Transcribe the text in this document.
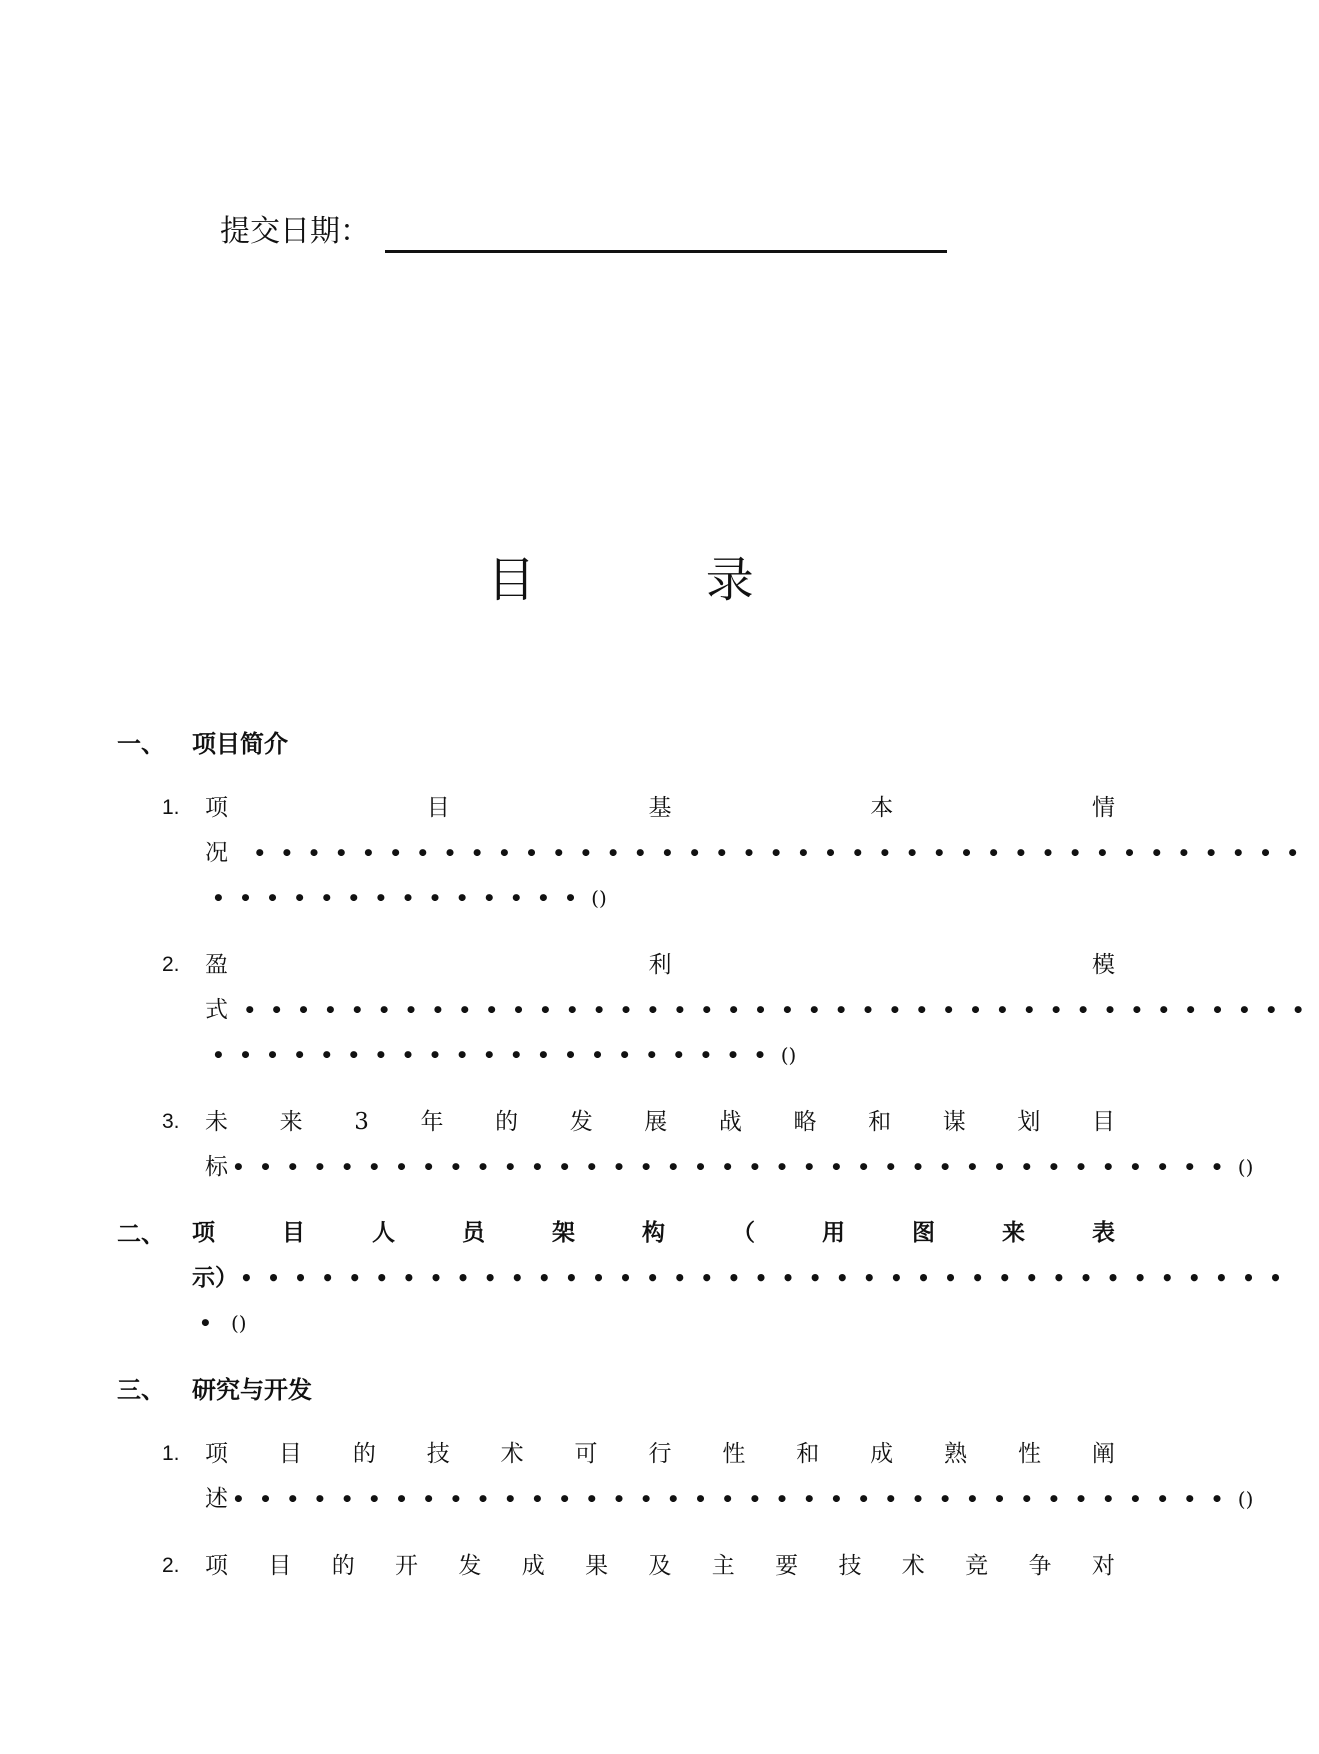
提交日期：
目	录
一、 项目简介
1. 项	目	基	本	情
况 •••••••••••••••••••••••••••••••••••••••
••••••••••••••()
2. 盈	利	模
式 ••••••••••••••••••••••••••••••••••••••••
•••••••••••••••••••••()
3. 未 来 3 年 的 发 展 战 略 和 谋 划 目
标 •••••••••••••••••••••••••••••••••••••()
二、 项	目	人	员	架	构	（	用	图	来	表
示） •••••••••••••••••••••••••••••••••••••••
• ()
三、 研究与开发
1. 项 目 的 技 术 可 行 性 和 成 熟 性 阐
述 •••••••••••••••••••••••••••••••••••••()
2. 项 目 的 开 发 成 果 及 主 要 技 术 竞 争 对
